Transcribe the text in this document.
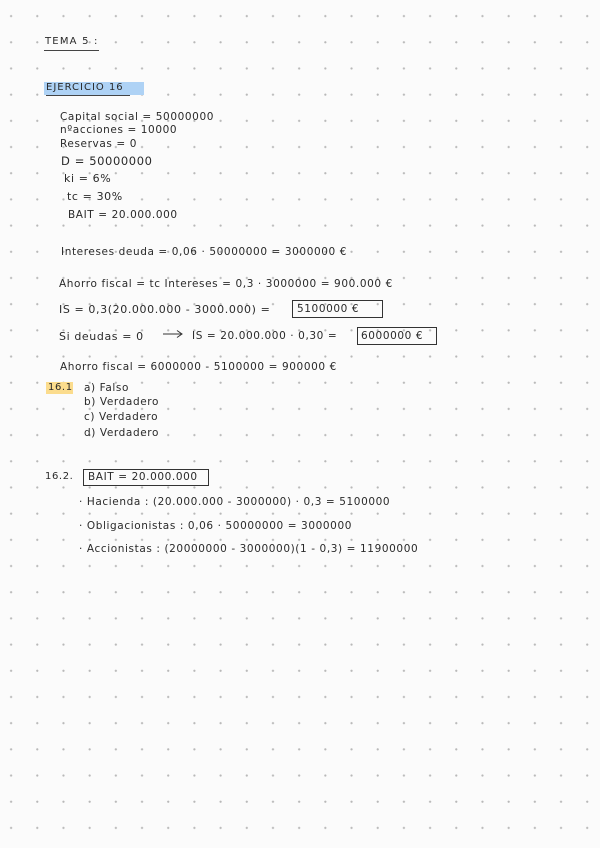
TEMA 5 :
EJERCICIO 16
Capital social = 50000000
nºacciones = 10000
Reservas = 0
D = 50000000
ki = 6%
tc = 30%
BAIT = 20.000.000
Intereses deuda = 0,06 · 50000000 = 3000000 €
Ahorro fiscal = tc Intereses = 0,3 · 3000000 = 900.000 €
IS = 0,3(20.000.000 - 3000.000) =	5100000 €
Si deudas = 0	IS = 20.000.000 · 0,30 = 6000000 €
Ahorro fiscal = 6000000 - 5100000 = 900000 €
16.1 a) Falso
b) Verdadero
c) Verdadero
d) Verdadero
16.2. BAIT = 20.000.000
· Hacienda : (20.000.000 - 3000000) · 0,3 = 5100000
· Obligacionistas : 0,06 · 50000000 = 3000000
· Accionistas : (20000000 - 3000000)(1 - 0,3) = 11900000
